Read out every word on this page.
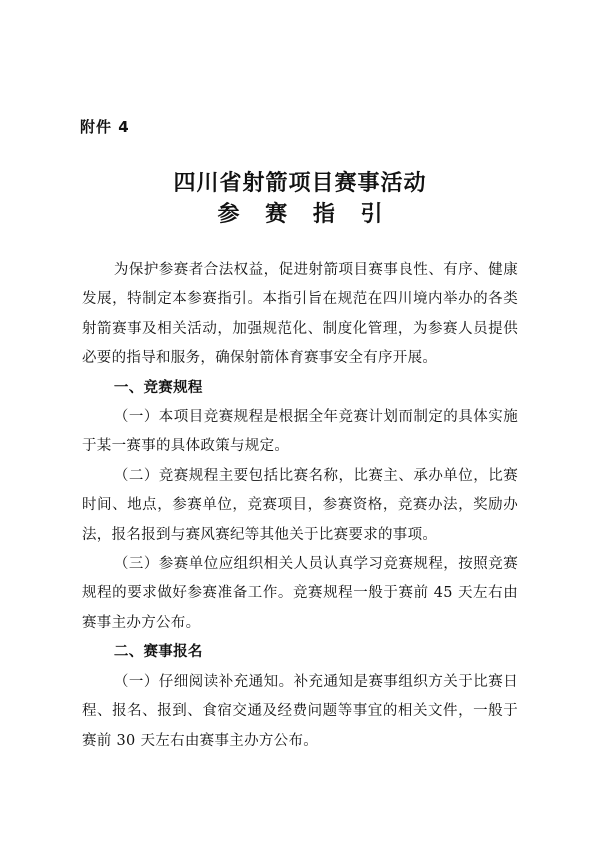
附件 4
四川省射箭项目赛事活动
参 赛 指 引

为保护参赛者合法权益，促进射箭项目赛事良性、有序、健康发展，特制定本参赛指引。本指引旨在规范在四川境内举办的各类射箭赛事及相关活动，加强规范化、制度化管理，为参赛人员提供必要的指导和服务，确保射箭体育赛事安全有序开展。

一、竞赛规程

（一）本项目竞赛规程是根据全年竞赛计划而制定的具体实施于某一赛事的具体政策与规定。

（二）竞赛规程主要包括比赛名称，比赛主、承办单位，比赛时间、地点，参赛单位，竞赛项目，参赛资格，竞赛办法，奖励办法，报名报到与赛风赛纪等其他关于比赛要求的事项。

（三）参赛单位应组织相关人员认真学习竞赛规程，按照竞赛规程的要求做好参赛准备工作。竞赛规程一般于赛前 45 天左右由赛事主办方公布。

二、赛事报名

（一）仔细阅读补充通知。补充通知是赛事组织方关于比赛日程、报名、报到、食宿交通及经费问题等事宜的相关文件，一般于赛前 30 天左右由赛事主办方公布。
